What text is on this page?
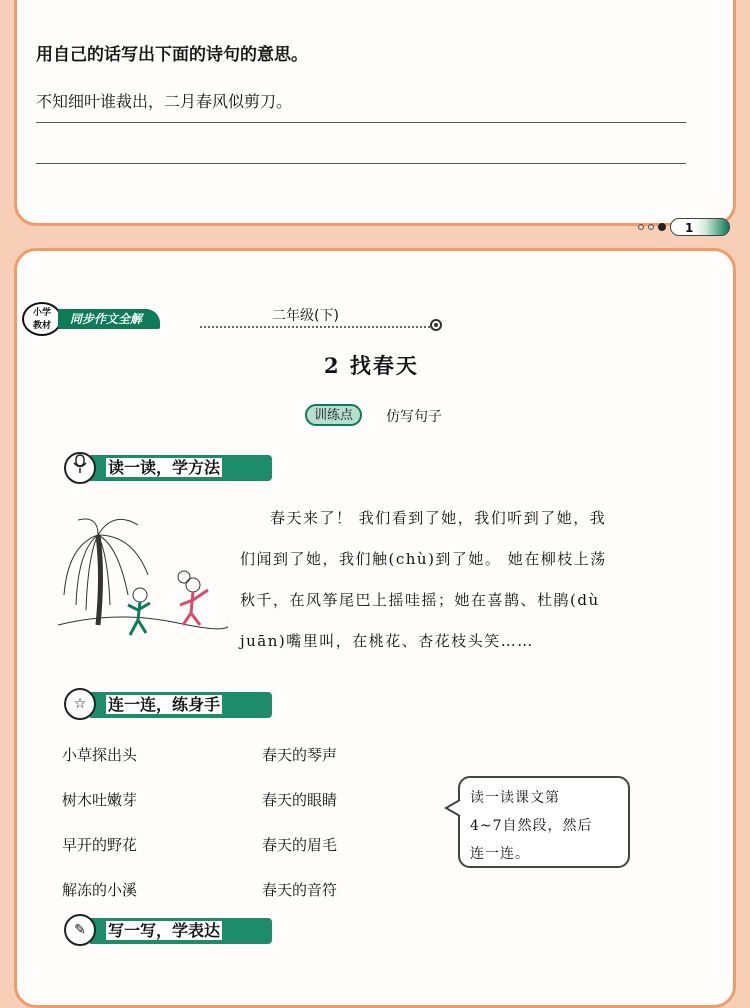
用自己的话写出下面的诗句的意思。
不知细叶谁裁出，二月春风似剪刀。
1
小学
教材	同步作文全解	二年级(下)
2 找春天
训练点	仿写句子
读一读，学方法
春天来了！ 我们看到了她，我们听到了她，我
们闻到了她，我们触(chù)到了她。 她在柳枝上荡
秋千，在风筝尾巴上摇哇摇；她在喜鹊、杜鹃(dù
juān)嘴里叫，在桃花、杏花枝头笑……
连一连，练身手
☆
小草探出头
树木吐嫩芽
早开的野花
解冻的小溪
春天的琴声
春天的眼睛
春天的眉毛
春天的音符
读一读课文第
4~7自然段，然后
连一连。
写一写，学表达
✎
